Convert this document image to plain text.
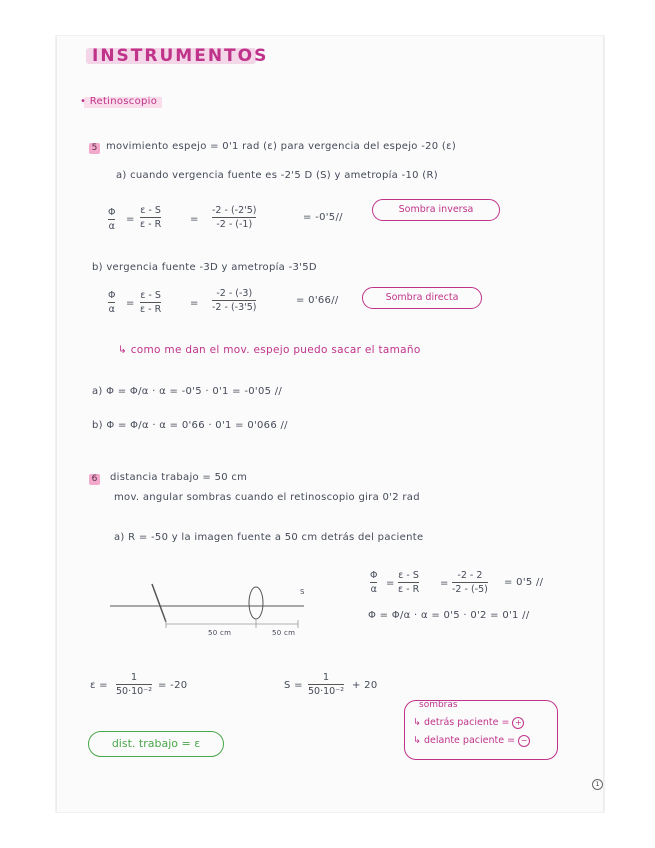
INSTRUMENTOS
• Retinoscopio
5 movimiento espejo = 0'1 rad (ε) para vergencia del espejo -20 (ε)
a) cuando vergencia fuente es -2'5 D (S) y ametropía -10 (R)
Φ
α
=
ε - S
ε - R	=
-2 - (-2'5)
-2 - (-1)
= -0'5//
Sombra inversa
b) vergencia fuente -3D y ametropía -3'5D
Φ
α
=
ε - S
ε - R
=
-2 - (-3)
-2 - (-3'5)
= 0'66//	Sombra directa
↳ como me dan el mov. espejo puedo sacar el tamaño
a) Φ = Φ/α · α = -0'5 · 0'1 = -0'05 //
b) Φ = Φ/α · α = 0'66 · 0'1 = 0'066 //
6 distancia trabajo = 50 cm
mov. angular sombras cuando el retinoscopio gira 0'2 rad
a) R = -50 y la imagen fuente a 50 cm detrás del paciente
Φ
α
=
ε - S
ε - R
=
-2 - 2
-2 - (-5)
= 0'5 //
Φ = Φ/α · α = 0'5 · 0'2 = 0'1 //
S
50 cm	50 cm
ε =
1
50·10⁻²
= -20	S =
1
50·10⁻²
+ 20
sombras
↳ detrás paciente = +
↳ delante paciente = −
dist. trabajo = ε
1
